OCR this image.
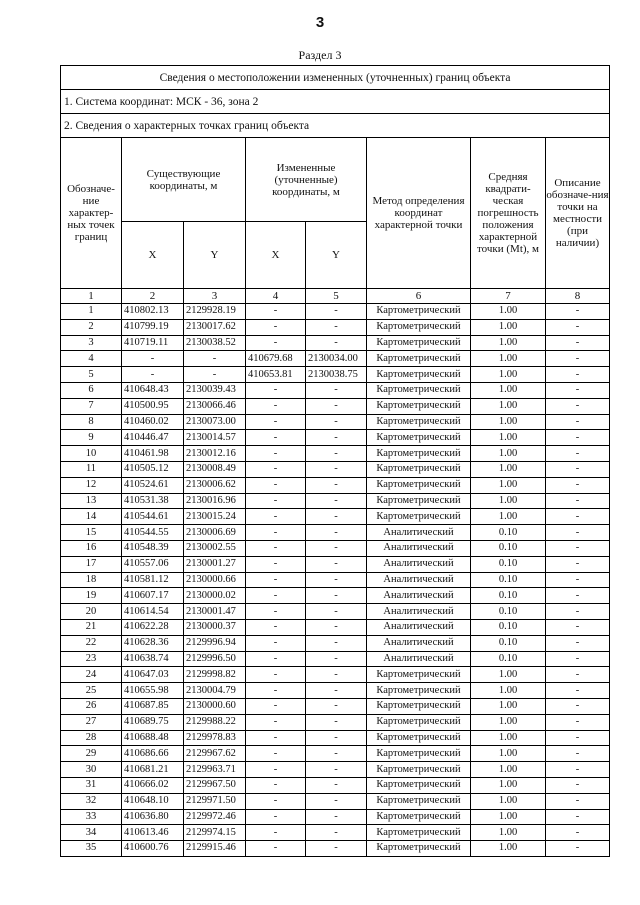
3
Раздел 3
Сведения о местоположении измененных (уточненных) границ объекта							
1. Система координат: МСК - 36, зона 2							
2. Сведения о характерных точках границ объекта							
Обозначе-ние характер-ных точек границ	Существующие координаты, м		Измененные (уточненные) координаты, м		Метод определения координат характерной точки	Средняя квадрати-ческая погрешность положения характерной точки (Mt), м	Описание обозначе-ния точки на местности (при наличии)
	X	Y	X	Y			
1	2	3	4	5	6	7	8
1	410802.13	2129928.19	-	-	Картометрический	1.00	-
2	410799.19	2130017.62	-	-	Картометрический	1.00	-
3	410719.11	2130038.52	-	-	Картометрический	1.00	-
4	-	-	410679.68	2130034.00	Картометрический	1.00	-
5	-	-	410653.81	2130038.75	Картометрический	1.00	-
6	410648.43	2130039.43	-	-	Картометрический	1.00	-
7	410500.95	2130066.46	-	-	Картометрический	1.00	-
8	410460.02	2130073.00	-	-	Картометрический	1.00	-
9	410446.47	2130014.57	-	-	Картометрический	1.00	-
10	410461.98	2130012.16	-	-	Картометрический	1.00	-
11	410505.12	2130008.49	-	-	Картометрический	1.00	-
12	410524.61	2130006.62	-	-	Картометрический	1.00	-
13	410531.38	2130016.96	-	-	Картометрический	1.00	-
14	410544.61	2130015.24	-	-	Картометрический	1.00	-
15	410544.55	2130006.69	-	-	Аналитический	0.10	-
16	410548.39	2130002.55	-	-	Аналитический	0.10	-
17	410557.06	2130001.27	-	-	Аналитический	0.10	-
18	410581.12	2130000.66	-	-	Аналитический	0.10	-
19	410607.17	2130000.02	-	-	Аналитический	0.10	-
20	410614.54	2130001.47	-	-	Аналитический	0.10	-
21	410622.28	2130000.37	-	-	Аналитический	0.10	-
22	410628.36	2129996.94	-	-	Аналитический	0.10	-
23	410638.74	2129996.50	-	-	Аналитический	0.10	-
24	410647.03	2129998.82	-	-	Картометрический	1.00	-
25	410655.98	2130004.79	-	-	Картометрический	1.00	-
26	410687.85	2130000.60	-	-	Картометрический	1.00	-
27	410689.75	2129988.22	-	-	Картометрический	1.00	-
28	410688.48	2129978.83	-	-	Картометрический	1.00	-
29	410686.66	2129967.62	-	-	Картометрический	1.00	-
30	410681.21	2129963.71	-	-	Картометрический	1.00	-
31	410666.02	2129967.50	-	-	Картометрический	1.00	-
32	410648.10	2129971.50	-	-	Картометрический	1.00	-
33	410636.80	2129972.46	-	-	Картометрический	1.00	-
34	410613.46	2129974.15	-	-	Картометрический	1.00	-
35	410600.76	2129915.46	-	-	Картометрический	1.00	-
